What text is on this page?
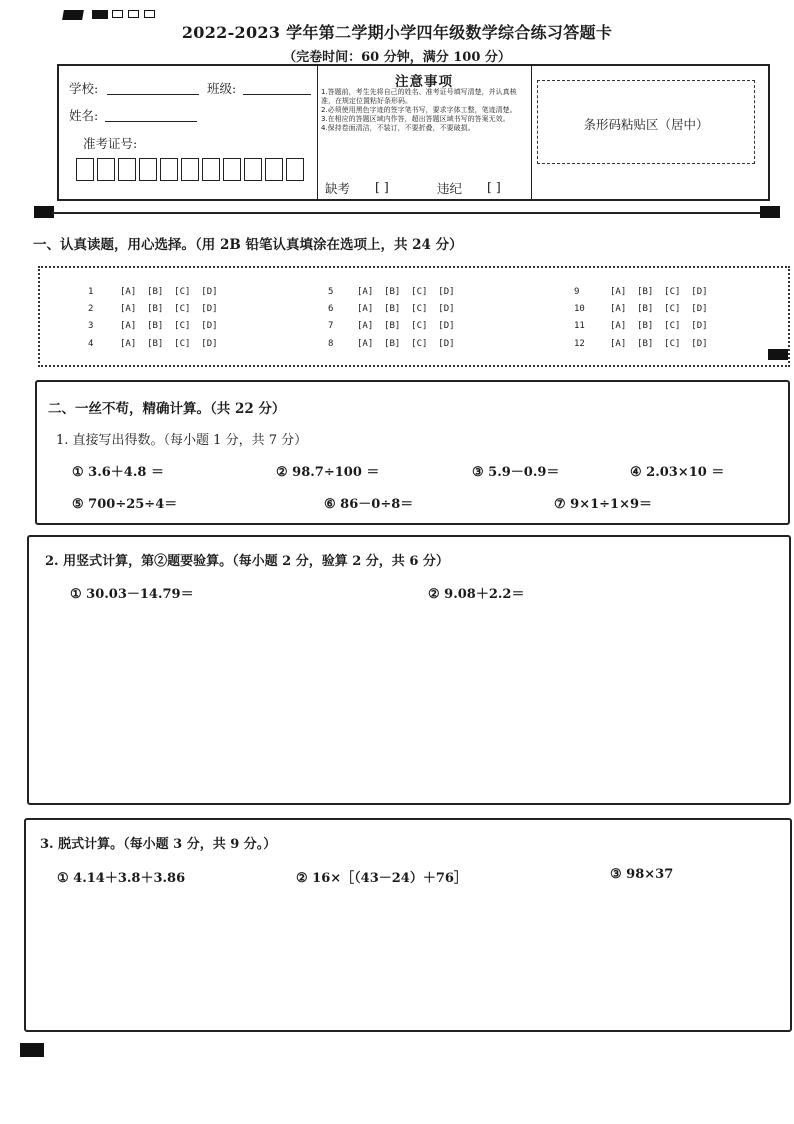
2022-2023 学年第二学期小学四年级数学综合练习答题卡
（完卷时间：60 分钟，满分 100 分）
学校:	班级:
姓名:
准考证号:
注意事项
1.答题前，考生先将自己的姓名、准考证号填写清楚，并认真核准，在规定位置粘好条形码。
2.必须使用黑色字迹的签字笔书写，要求字体工整，笔迹清楚。
3.在相应的答题区域内作答，超出答题区域书写的答案无效。
4.保持卷面清洁，不装订，不要折叠，不要破损。
缺考 [ ]	违纪 [ ]
条形码粘贴区（居中）
一、认真读题，用心选择。（用 2B 铅笔认真填涂在选项上，共 24 分）
1	[A]  [B]  [C]  [D]
2	[A]  [B]  [C]  [D]
3	[A]  [B]  [C]  [D]
4	[A]  [B]  [C]  [D]
5	[A]  [B]  [C]  [D]
6	[A]  [B]  [C]  [D]
7	[A]  [B]  [C]  [D]
8	[A]  [B]  [C]  [D]
9	[A]  [B]  [C]  [D]
10	[A]  [B]  [C]  [D]
11	[A]  [B]  [C]  [D]
12	[A]  [B]  [C]  [D]
二、一丝不苟，精确计算。（共 22 分）
1. 直接写出得数。（每小题 1 分，共 7 分）
① 3.6＋4.8 ＝	② 98.7÷100 ＝	③ 5.9－0.9＝	④ 2.03×10 ＝
⑤ 700÷25÷4＝	⑥ 86－0÷8＝	⑦ 9×1÷1×9＝
2. 用竖式计算，第②题要验算。（每小题 2 分，验算 2 分，共 6 分）
① 30.03－14.79＝	② 9.08＋2.2＝
3. 脱式计算。（每小题 3 分，共 9 分。）
① 4.14＋3.8＋3.86	② 16×［（43－24）＋76］	③ 98×37
